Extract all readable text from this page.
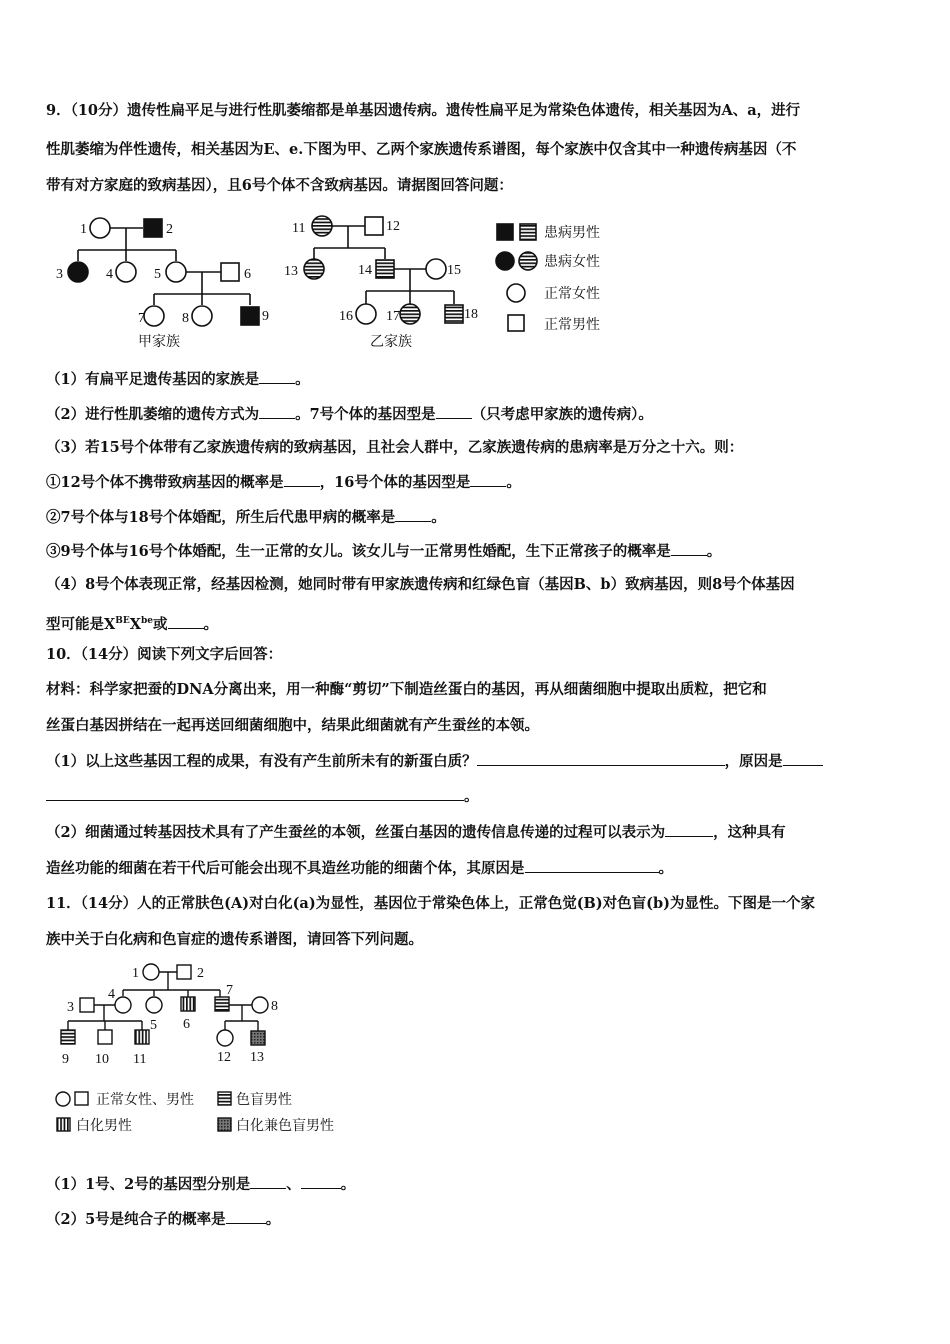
9．（10分）遗传性扁平足与进行性肌萎缩都是单基因遗传病。遗传性扁平足为常染色体遗传，相关基因为A、a，进行
性肌萎缩为伴性遗传，相关基因为E、e.下图为甲、乙两个家族遗传系谱图，每个家族中仅含其中一种遗传病基因（不
带有对方家庭的致病基因），且6号个体不含致病基因。请据图回答问题：
1	2
3	4	5	6
7	8	9
11	12
13	14	15
16 17	18
甲家族	乙家族
患病男性
患病女性
正常女性
正常男性
（1）有扁平足遗传基因的家族是 。
（2）进行性肌萎缩的遗传方式为 。7号个体的基因型是 （只考虑甲家族的遗传病）。
（3）若15号个体带有乙家族遗传病的致病基因，且社会人群中，乙家族遗传病的患病率是万分之十六。则：
①12号个体不携带致病基因的概率是 ，16号个体的基因型是 。
②7号个体与18号个体婚配，所生后代患甲病的概率是 。
③9号个体与16号个体婚配，生一正常的女儿。该女儿与一正常男性婚配，生下正常孩子的概率是 。
（4）8号个体表现正常，经基因检测，她同时带有甲家族遗传病和红绿色盲（基因B、b）致病基因，则8号个体基因
型可能是$X^{BE}X^{be}$或 。
10．（14分）阅读下列文字后回答：
材料：科学家把蚕的DNA分离出来，用一种酶“剪切”下制造丝蛋白的基因，再从细菌细胞中提取出质粒，把它和
丝蛋白基因拼结在一起再送回细菌细胞中，结果此细菌就有产生蚕丝的本领。
（1）以上这些基因工程的成果，有没有产生前所未有的新蛋白质？	，原因是
。
（2）细菌通过转基因技术具有了产生蚕丝的本领，丝蛋白基因的遗传信息传递的过程可以表示为	，这种具有
造丝功能的细菌在若干代后可能会出现不具造丝功能的细菌个体，其原因是	。
11．（14分）人的正常肤色(A)对白化(a)为显性，基因位于常染色体上，正常色觉(B)对色盲(b)为显性。下图是一个家
族中关于白化病和色盲症的遗传系谱图，请回答下列问题。
1	2
3
4
5 6
7
8
9 10 11	12 13
正常女性、男性	色盲男性
白化男性	白化兼色盲男性
（1）1号、2号的基因型分别是 、	。
（2）5号是纯合子的概率是	。
